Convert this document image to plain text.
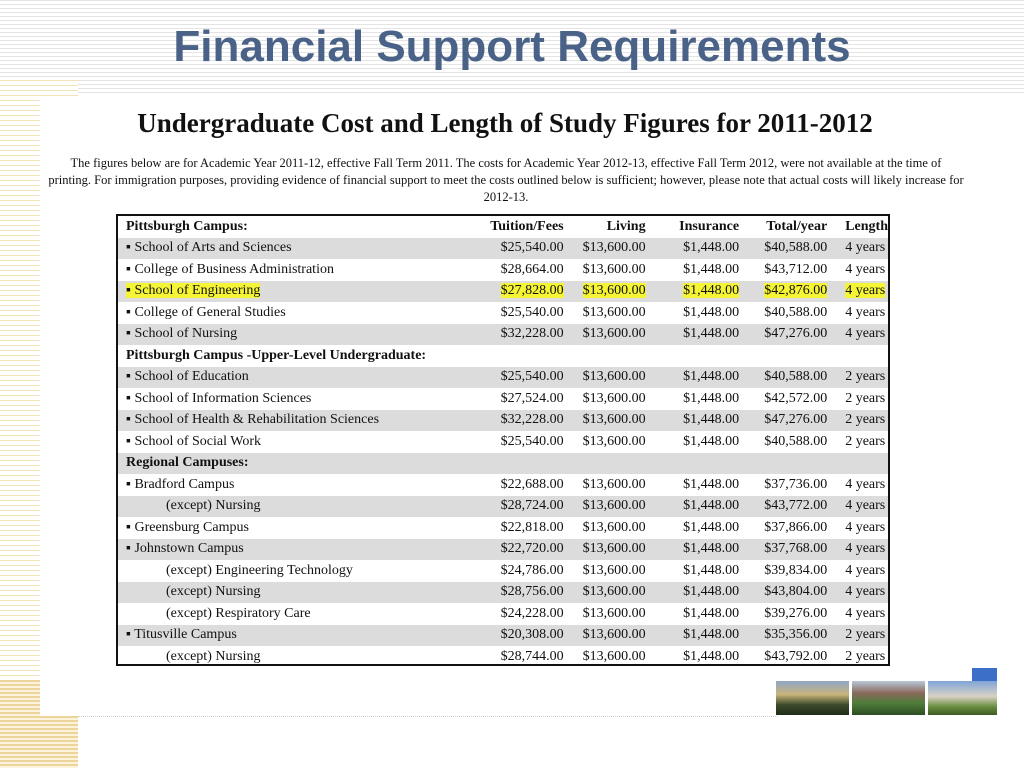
Financial Support Requirements
Undergraduate Cost and Length of Study Figures for 2011-2012
The figures below are for Academic Year 2011-12, effective Fall Term 2011. The costs for Academic Year 2012-13, effective Fall Term 2012, were not available at the time of printing. For immigration purposes, providing evidence of financial support to meet the costs outlined below is sufficient; however, please note that actual costs will likely increase for 2012-13.
Pittsburgh Campus:	Tuition/Fees	Living	Insurance	Total/year	Length
▪ School of Arts and Sciences	$25,540.00	$13,600.00	$1,448.00	$40,588.00	4 years
▪ College of Business Administration	$28,664.00	$13,600.00	$1,448.00	$43,712.00	4 years
▪ School of Engineering	$27,828.00	$13,600.00	$1,448.00	$42,876.00	4 years
▪ College of General Studies	$25,540.00	$13,600.00	$1,448.00	$40,588.00	4 years
▪ School of Nursing	$32,228.00	$13,600.00	$1,448.00	$47,276.00	4 years
Pittsburgh Campus -Upper-Level Undergraduate:					
▪ School of Education	$25,540.00	$13,600.00	$1,448.00	$40,588.00	2 years
▪ School of Information Sciences	$27,524.00	$13,600.00	$1,448.00	$42,572.00	2 years
▪ School of Health & Rehabilitation Sciences	$32,228.00	$13,600.00	$1,448.00	$47,276.00	2 years
▪ School of Social Work	$25,540.00	$13,600.00	$1,448.00	$40,588.00	2 years
Regional Campuses:					
▪ Bradford Campus	$22,688.00	$13,600.00	$1,448.00	$37,736.00	4 years
(except) Nursing	$28,724.00	$13,600.00	$1,448.00	$43,772.00	4 years
▪ Greensburg Campus	$22,818.00	$13,600.00	$1,448.00	$37,866.00	4 years
▪ Johnstown Campus	$22,720.00	$13,600.00	$1,448.00	$37,768.00	4 years
(except) Engineering Technology	$24,786.00	$13,600.00	$1,448.00	$39,834.00	4 years
(except) Nursing	$28,756.00	$13,600.00	$1,448.00	$43,804.00	4 years
(except) Respiratory Care	$24,228.00	$13,600.00	$1,448.00	$39,276.00	4 years
▪ Titusville Campus	$20,308.00	$13,600.00	$1,448.00	$35,356.00	2 years
(except) Nursing	$28,744.00	$13,600.00	$1,448.00	$43,792.00	2 years
